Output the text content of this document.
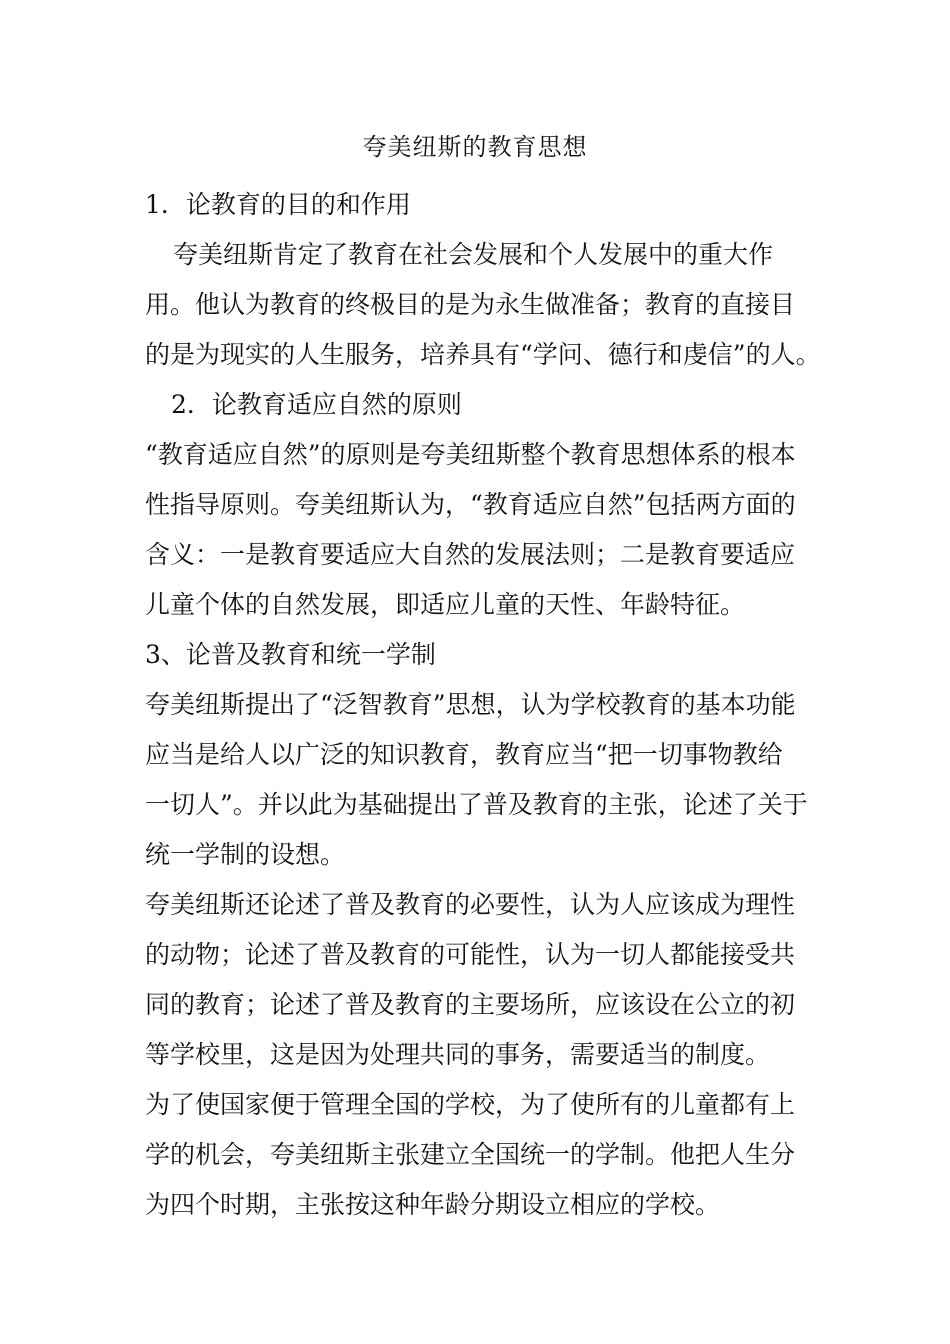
夸美纽斯的教育思想
1．论教育的目的和作用
夸美纽斯肯定了教育在社会发展和个人发展中的重大作
用。他认为教育的终极目的是为永生做准备；教育的直接目
的是为现实的人生服务，培养具有“学问、德行和虔信”的人。
2．论教育适应自然的原则
“教育适应自然”的原则是夸美纽斯整个教育思想体系的根本
性指导原则。夸美纽斯认为，“教育适应自然”包括两方面的
含义：一是教育要适应大自然的发展法则；二是教育要适应
儿童个体的自然发展，即适应儿童的天性、年龄特征。
3、论普及教育和统一学制
夸美纽斯提出了“泛智教育”思想，认为学校教育的基本功能
应当是给人以广泛的知识教育，教育应当“把一切事物教给
一切人”。并以此为基础提出了普及教育的主张，论述了关于
统一学制的设想。
夸美纽斯还论述了普及教育的必要性，认为人应该成为理性
的动物；论述了普及教育的可能性，认为一切人都能接受共
同的教育；论述了普及教育的主要场所，应该设在公立的初
等学校里，这是因为处理共同的事务，需要适当的制度。
为了使国家便于管理全国的学校，为了使所有的儿童都有上
学的机会，夸美纽斯主张建立全国统一的学制。他把人生分
为四个时期，主张按这种年龄分期设立相应的学校。
